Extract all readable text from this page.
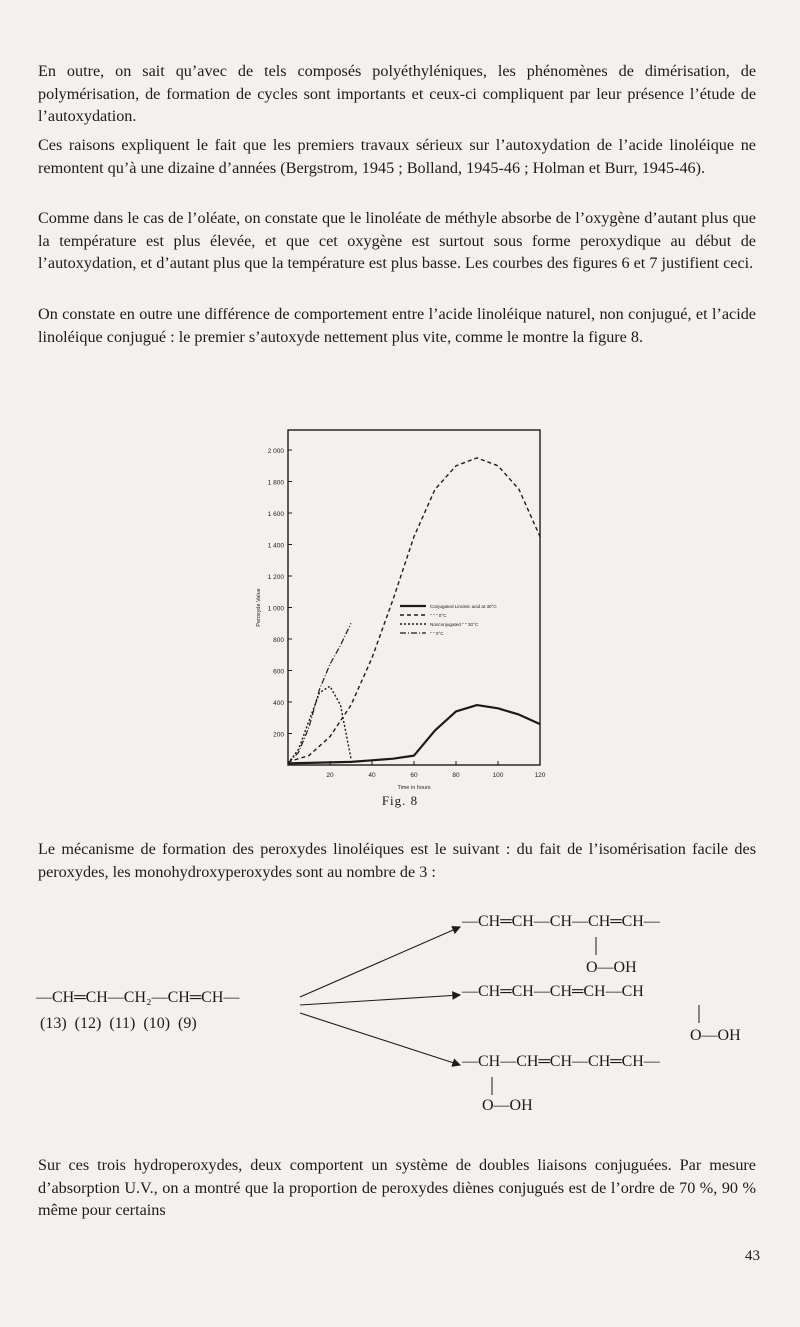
En outre, on sait qu’avec de tels composés polyéthyléniques, les phénomènes de dimérisation, de polymérisation, de formation de cycles sont importants et ceux-ci compliquent par leur présence l’étude de l’autoxydation.

Ces raisons expliquent le fait que les premiers travaux sérieux sur l’autoxydation de l’acide linoléique ne remontent qu’à une dizaine d’années (Bergstrom, 1945 ; Bolland, 1945-46 ; Holman et Burr, 1945-46).

Comme dans le cas de l’oléate, on constate que le linoléate de méthyle absorbe de l’oxygène d’autant plus que la température est plus élevée, et que cet oxygène est surtout sous forme peroxydique au début de l’autoxydation, et d’autant plus que la température est plus basse. Les courbes des figures 6 et 7 justifient ceci.

On constate en outre une différence de comportement entre l’acide linoléique naturel, non conjugué, et l’acide linoléique conjugué : le premier s’autoxyde nettement plus vite, comme le montre la figure 8.

2 000
1 800
1 600
1 400
1 200
1 000
800
600
400
200
20	40	60	80	100	120
Peroxyde Value
Time in hours
Conjugated Linoleic acid at 30°C
" " " 0°C
Nonconjugated " " 30°C
" " 0°C
Fig. 8

Le mécanisme de formation des peroxydes linoléiques est le suivant : du fait de l’isomérisation facile des peroxydes, les monohydroxyperoxydes sont au nombre de 3 :

—CH═CH—CH—CH═CH—
O—OH
—CH═CH—CH═CH—CH
O—OH
—CH═CH—CH₂—CH═CH—
(13) (12) (11) (10) (9)
—CH—CH═CH—CH═CH—
O—OH

Sur ces trois hydroperoxydes, deux comportent un système de doubles liaisons conjuguées. Par mesure d’absorption U.V., on a montré que la proportion de peroxydes diènes conjugués est de l’ordre de 70 %, 90 % même pour certains

43
